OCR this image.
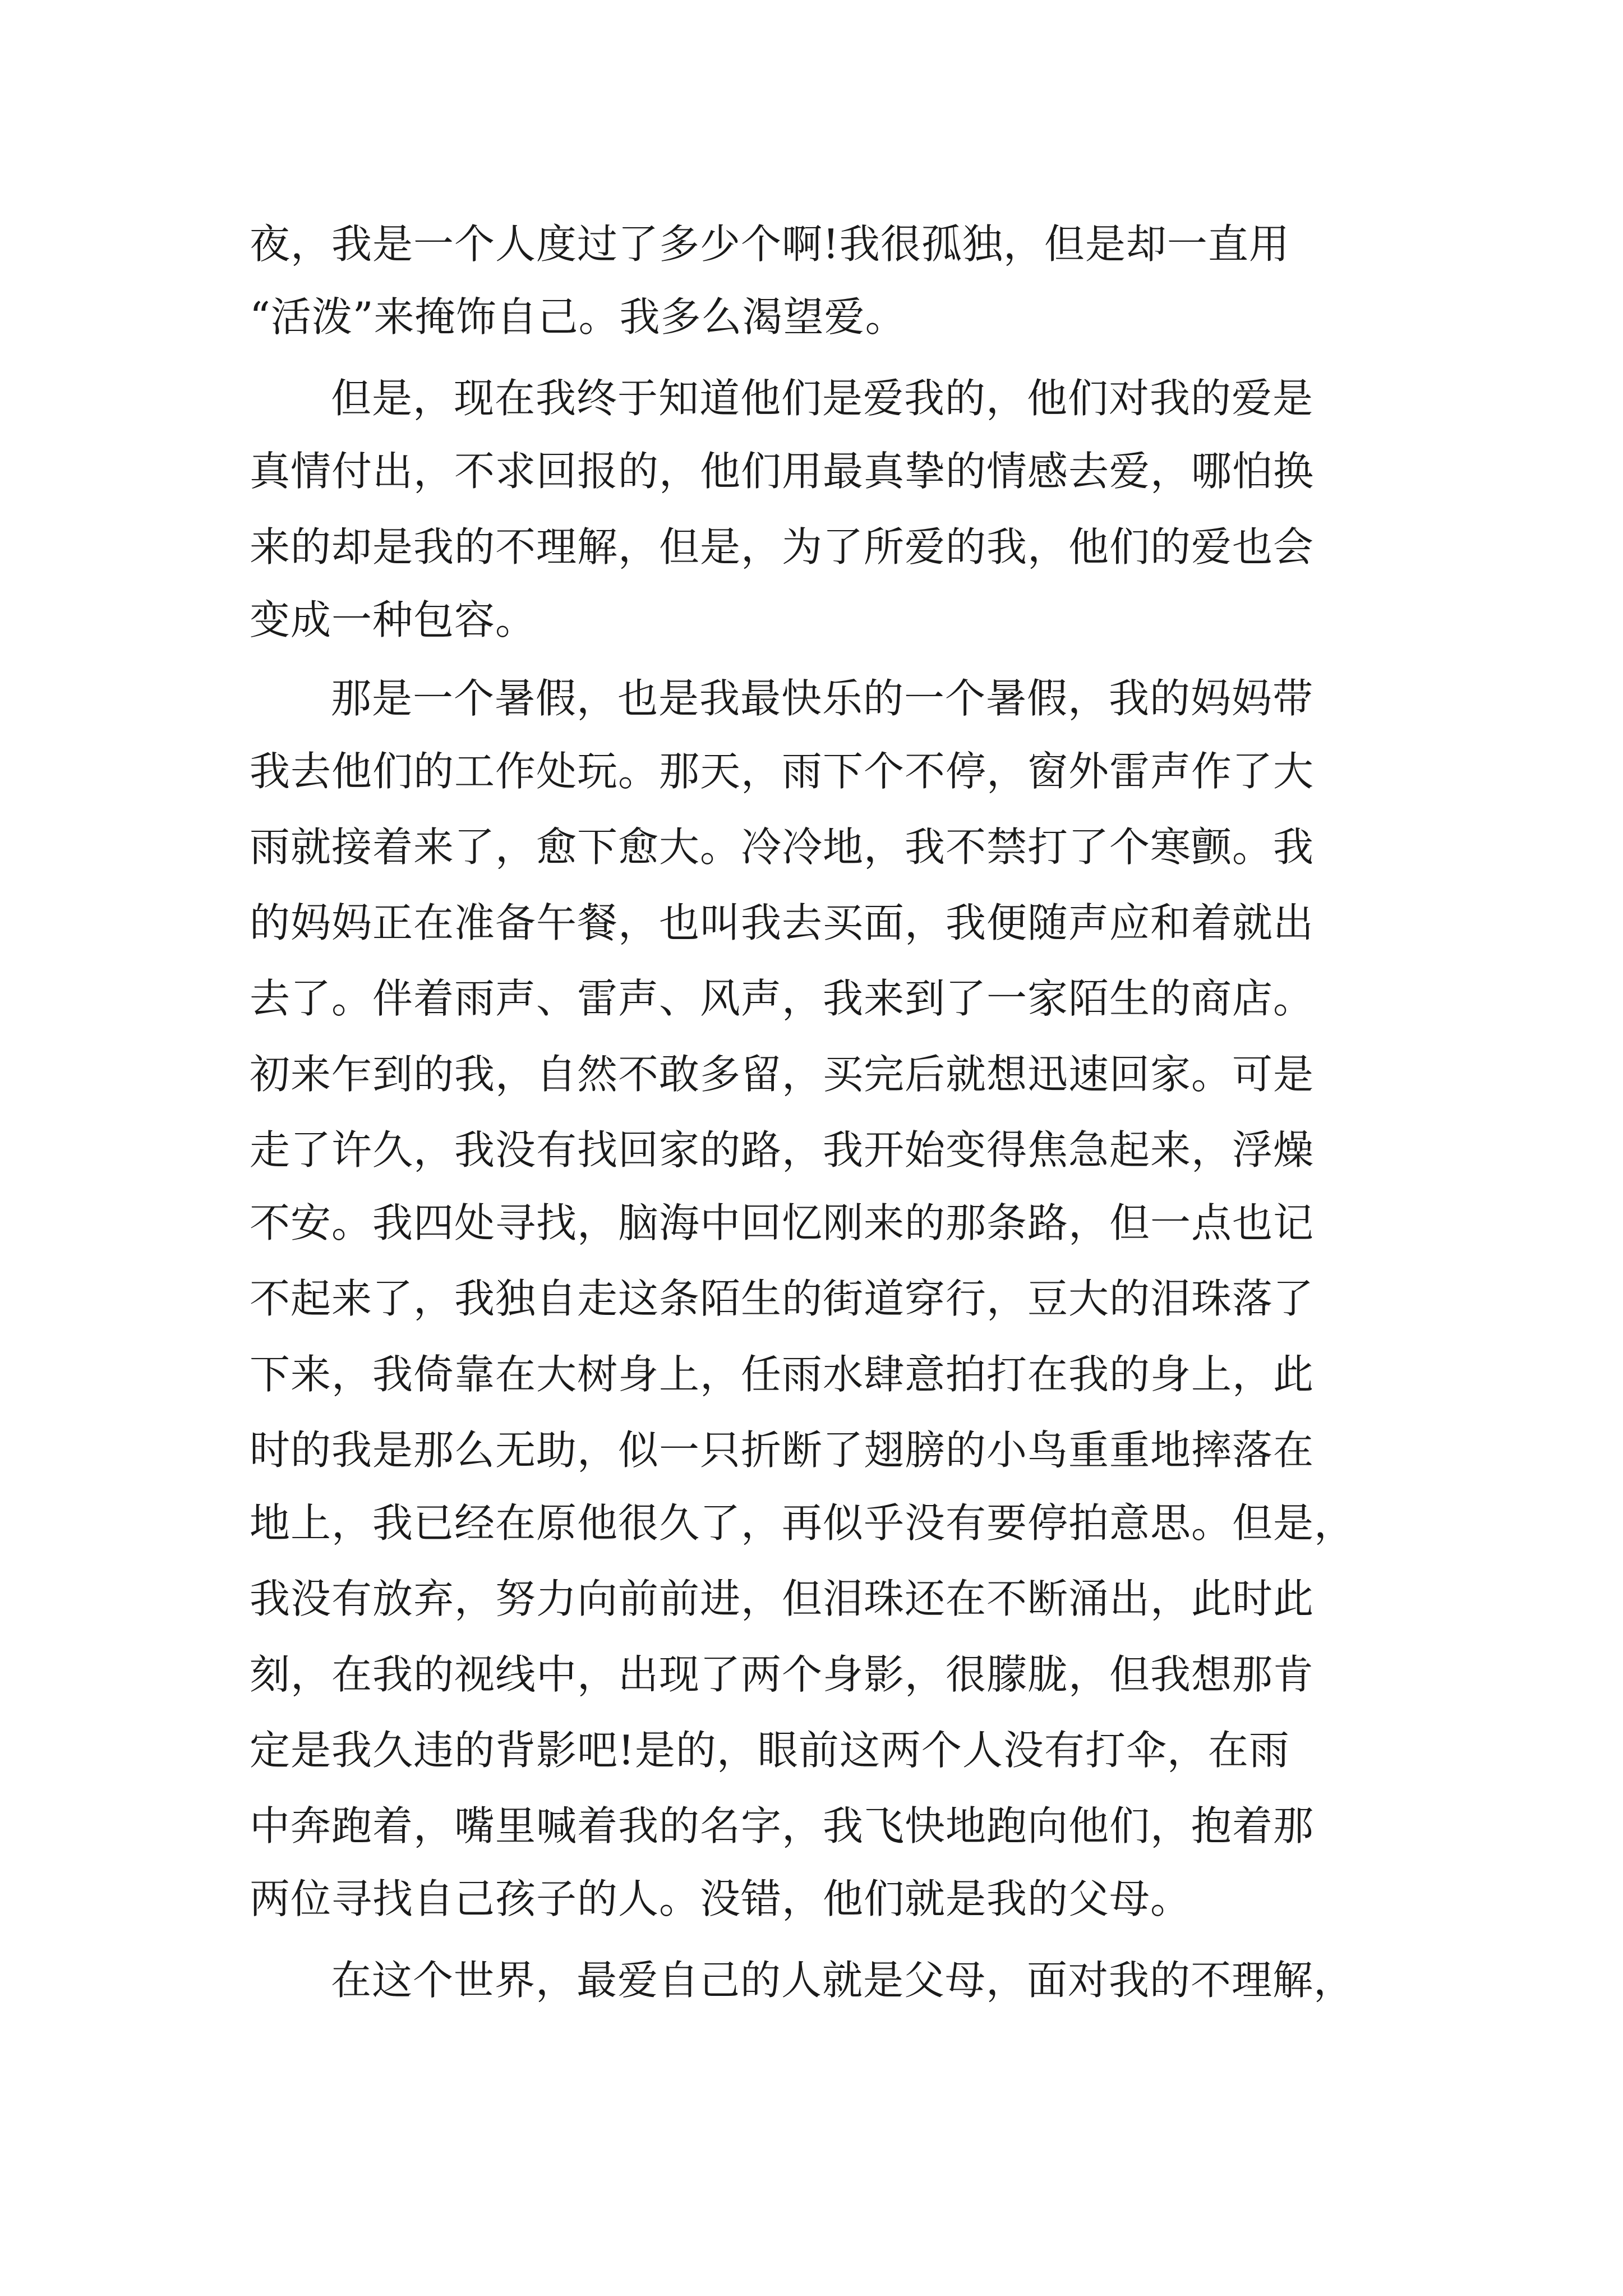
夜，我是一个人度过了多少个啊!我很孤独，但是却一直用
“活泼”来掩饰自己。我多么渴望爱。
但是，现在我终于知道他们是爱我的，他们对我的爱是
真情付出，不求回报的，他们用最真挚的情感去爱，哪怕换
来的却是我的不理解，但是，为了所爱的我，他们的爱也会
变成一种包容。
那是一个暑假，也是我最快乐的一个暑假，我的妈妈带
我去他们的工作处玩。那天，雨下个不停，窗外雷声作了大
雨就接着来了，愈下愈大。冷冷地，我不禁打了个寒颤。我
的妈妈正在准备午餐，也叫我去买面，我便随声应和着就出
去了。伴着雨声、雷声、风声，我来到了一家陌生的商店。
初来乍到的我，自然不敢多留，买完后就想迅速回家。可是
走了许久，我没有找回家的路，我开始变得焦急起来，浮燥
不安。我四处寻找，脑海中回忆刚来的那条路，但一点也记
不起来了，我独自走这条陌生的街道穿行，豆大的泪珠落了
下来，我倚靠在大树身上，任雨水肆意拍打在我的身上，此
时的我是那么无助，似一只折断了翅膀的小鸟重重地摔落在
地上，我已经在原他很久了，再似乎没有要停拍意思。但是，
我没有放弃，努力向前前进，但泪珠还在不断涌出，此时此
刻，在我的视线中，出现了两个身影，很朦胧，但我想那肯
定是我久违的背影吧!是的，眼前这两个人没有打伞，在雨
中奔跑着，嘴里喊着我的名字，我飞快地跑向他们，抱着那
两位寻找自己孩子的人。没错，他们就是我的父母。
在这个世界，最爱自己的人就是父母，面对我的不理解，
